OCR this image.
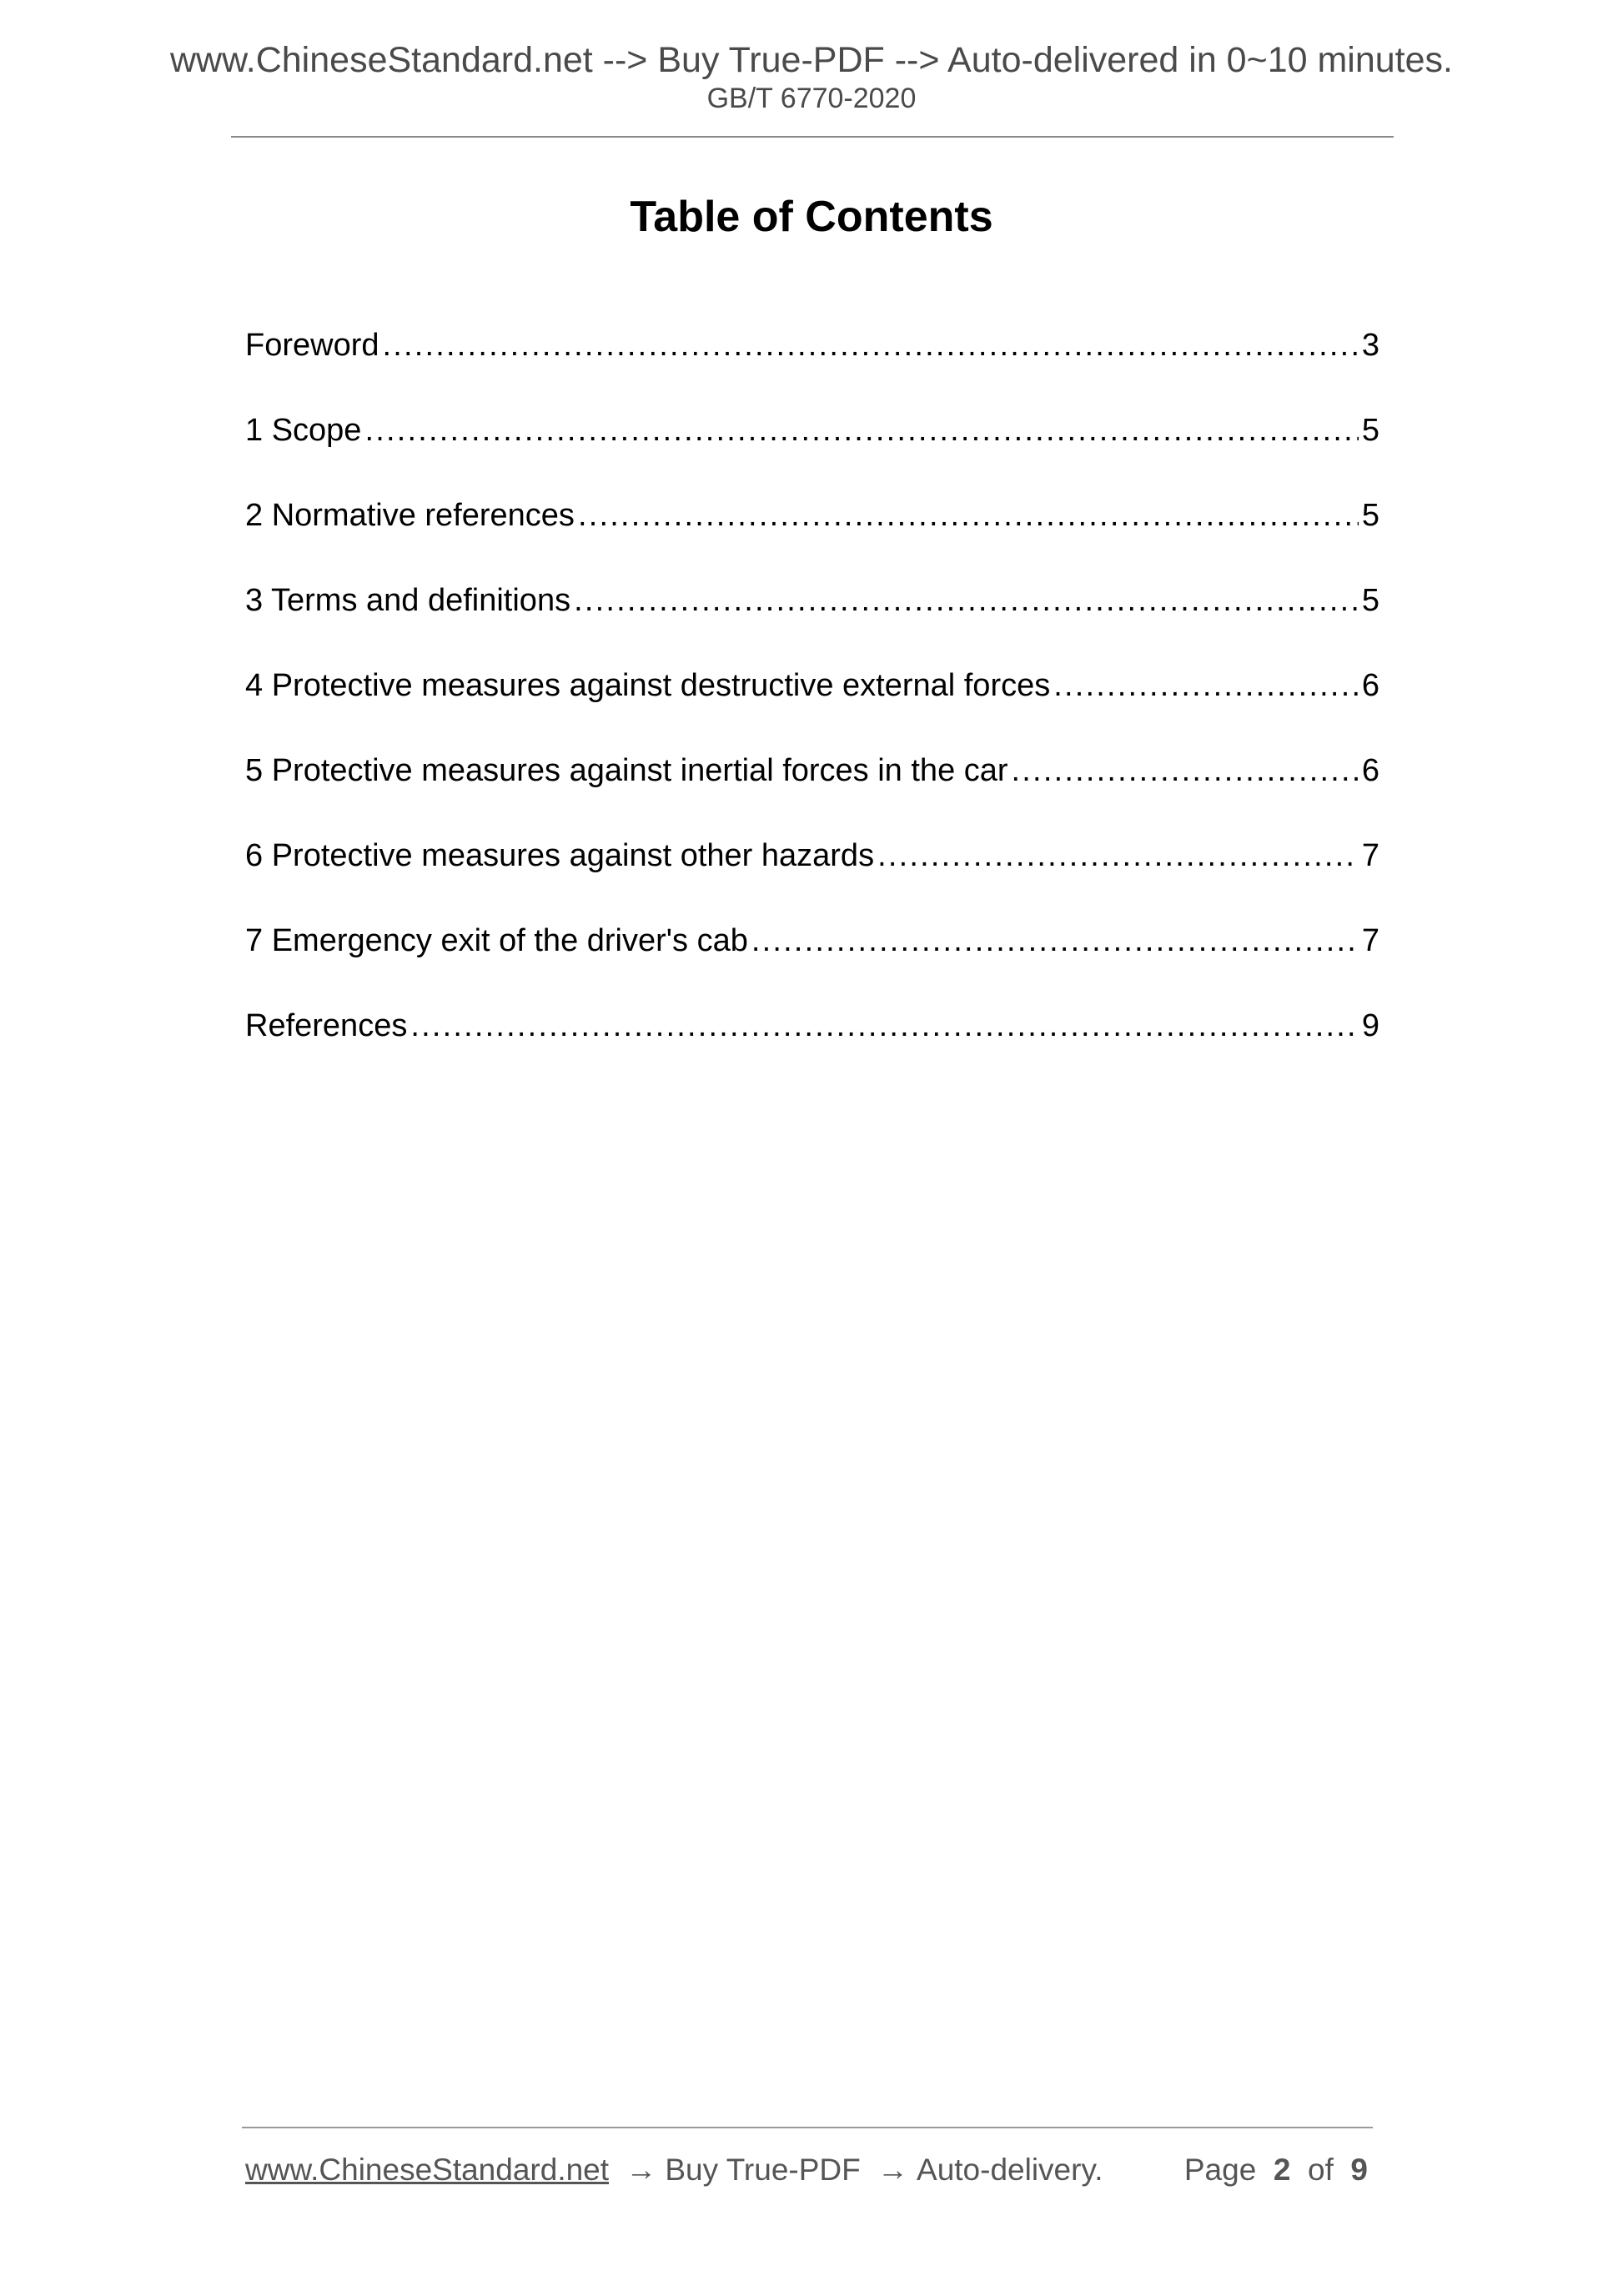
www.ChineseStandard.net --> Buy True-PDF --> Auto-delivered in 0~10 minutes.
GB/T 6770-2020
Table of Contents
Foreword .....	3
1 Scope .....	5
2 Normative references .....	5
3 Terms and definitions .....	5
4 Protective measures against destructive external forces .....	6
5 Protective measures against inertial forces in the car .....	6
6 Protective measures against other hazards .....	7
7 Emergency exit of the driver's cab .....	7
References .....	9
www.ChineseStandard.net → Buy True-PDF → Auto-delivery.	Page 2 of 9
